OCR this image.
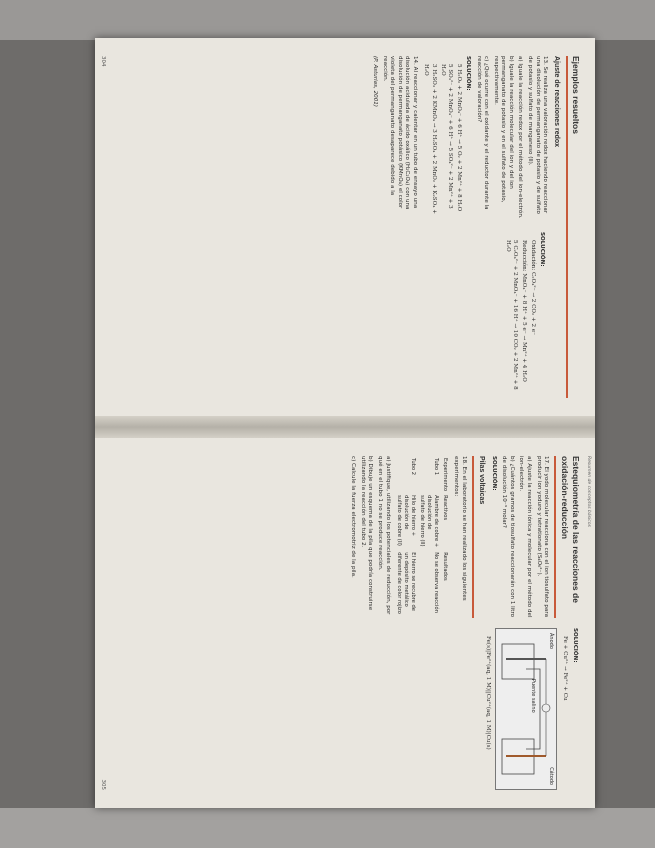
Ejemplos resueltos
Ajuste de reacciones redox

13. Se realiza una valoración redox haciendo reaccionar una disolución de permanganato de potasio y de sulfato de potasio y sulfato de manganeso (II).

a) Iguale la reacción redox por el método del ion-electrón.

b) Iguale la reacción molecular del ion y del ion permanganato de potasio y en el sulfato de potasio, respectivamente.

c) ¿Qué ocurre con el oxidante y el reductor durante la reacción de valoración?

SOLUCIÓN:
5 H₂O₂ + 2 MnO₄⁻ + 6 H⁺ → 5 O₂ + 2 Mn²⁺ + 8 H₂O
5 SO₃²⁻ + 2 MnO₄⁻ + 6 H⁺ → 5 SO₄²⁻ + 2 Mn²⁺ + 3 H₂O
3 H₂SO₃ + 2 KMnO₄ → 3 H₂SO₄ + 2 MnO₂ + K₂SO₄ + H₂O

14. Al reaccionar y calentar en un tubo de ensayo una disolución acidulada de ácido oxálico (H₂C₂O₄) con una disolución de permanganato potásico (KMnO₄) el color violeta del permanganato desaparece debido a la reacción.

(P. Asturias, 2001)
SOLUCIÓN:
Oxidación: C₂O₄²⁻ → 2 CO₂ + 2 e⁻
Reducción: MnO₄⁻ + 8 H⁺ + 5 e⁻ → Mn²⁺ + 4 H₂O
5 C₂O₄²⁻ + 2 MnO₄⁻ + 16 H⁺ → 10 CO₂ + 2 Mn²⁺ + 8 H₂O
304
Resumen de conceptos básicos
Estequiometría de las reacciones de oxidación-reducción

17. El yodo molecular reacciona con el ion tiosulfato para producir ion yoduro y tetrationato (S₄O₆²⁻).

a) Ajuste la reacción iónica y molecular por el método del ion-electrón.

b) ¿Cuántos gramos de tiosulfato reaccionarán con 1 litro de disolución 10⁻³ molar?

SOLUCIÓN:
Pilas voltaicas

18. En el laboratorio se han realizado los siguientes experimentos:

Experimento	Reactivos	Resultados
Tubo 1	Alambre de cobre + disolución de sulfato de hierro (II)	No se observa reacción
Tubo 2	Hilo de hierro + disolución de sulfato de cobre (II)	El hierro se recubre de un depósito metálico diferente de color rojizo

a) Justifique, utilizando los potenciales de reducción, por qué en el tubo 1 no se produce reacción.

b) Dibuje un esquema de la pila que podría construirse utilizando la reacción del tubo 2.

c) Calcule la fuerza electromotriz de la pila.

SOLUCIÓN:
Fe + Cu²⁺ → Fe²⁺ + Cu
Ánodo
Cátodo
Puente salino
Fe(s)|Fe²⁺(aq, 1 M)||Cu²⁺(aq, 1 M)|Cu(s)
305
